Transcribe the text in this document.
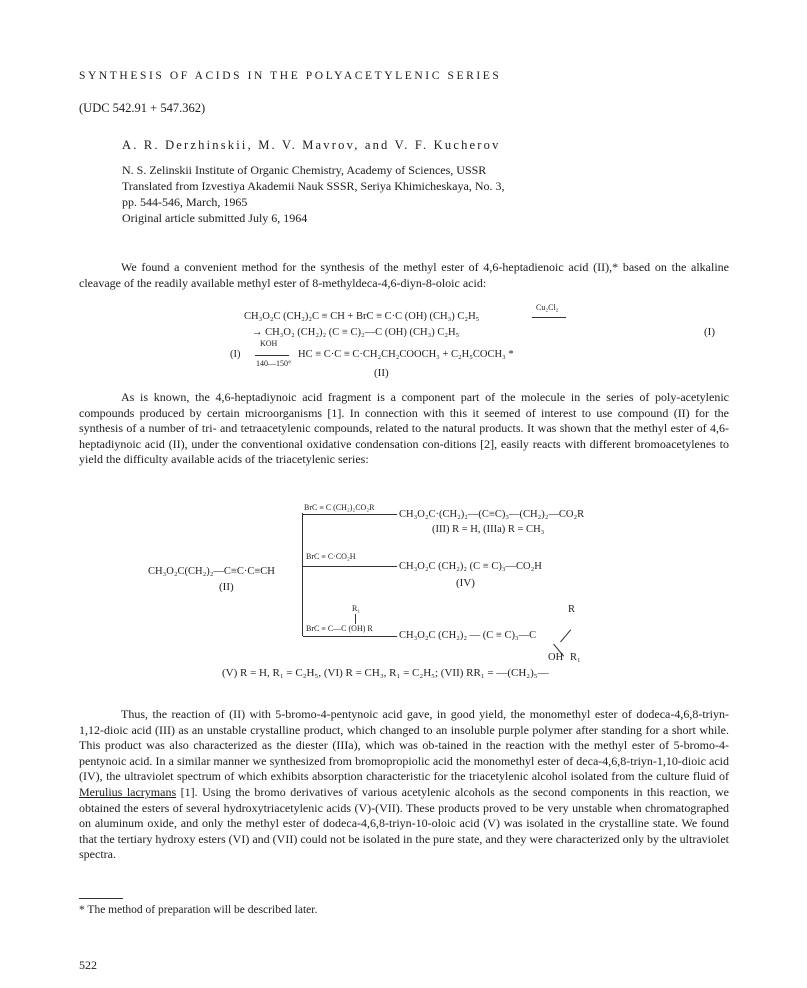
SYNTHESIS OF ACIDS IN THE POLYACETYLENIC SERIES
(UDC 542.91 + 547.362)
A. R. Derzhinskii, M. V. Mavrov, and V. F. Kucherov
N. S. Zelinskii Institute of Organic Chemistry, Academy of Sciences, USSR
Translated from Izvestiya Akademii Nauk SSSR, Seriya Khimicheskaya, No. 3,
pp. 544-546, March, 1965
Original article submitted July 6, 1964
We found a convenient method for the synthesis of the methyl ester of 4,6-heptadienoic acid (II),* based on the alkaline cleavage of the readily available methyl ester of 8-methyldeca-4,6-diyn-8-oloic acid:
CH₃O₂C (CH₂)₂C ≡ CH + BrC ≡ C·C (OH) (CH₃) C₂H₅
Cu₂Cl₂
→ CH₃O₂ (CH₂)₂ (C ≡ C)₂—C (OH) (CH₃) C₂H₅	(I)
KOH
(I)
140—150°
HC ≡ C·C ≡ C·CH₂CH₂COOCH₃ + C₂H₅COCH₃ *
(II)
As is known, the 4,6-heptadiynoic acid fragment is a component part of the molecule in the series of poly-acetylenic compounds produced by certain microorganisms [1]. In connection with this it seemed of interest to use compound (II) for the synthesis of a number of tri- and tetraacetylenic compounds, related to the natural products. It was shown that the methyl ester of 4,6-heptadiynoic acid (II), under the conventional oxidative condensation con-ditions [2], easily reacts with different bromoacetylenes to yield the difficulty available acids of the triacetylenic series:
BrC ≡ C (CH₂)₂CO₂R
CH₃O₂C·(CH₂)₂—(C≡C)₃—(CH₂)₂—CO₂R
(III) R = H, (IIIa) R = CH₃
CH₃O₂C(CH₂)₂—C≡C·C≡CH
(II)
BrC ≡ C·CO₂H
CH₃O₂C (CH₂)₂ (C ≡ C)₃—CO₂H
(IV)
R₁
BrC ≡ C—C (OH) R
CH₃O₂C (CH₂)₂ — (C ≡ C)₃—C
R
OH R₁
(V) R = H, R₁ = C₂H₅, (VI) R = CH₃, R₁ = C₂H₅; (VII) RR₁ = —(CH₂)₅—
Thus, the reaction of (II) with 5-bromo-4-pentynoic acid gave, in good yield, the monomethyl ester of dodeca-4,6,8-triyn-1,12-dioic acid (III) as an unstable crystalline product, which changed to an insoluble purple polymer after standing for a short while. This product was also characterized as the diester (IIIa), which was ob-tained in the reaction with the methyl ester of 5-bromo-4-pentynoic acid. In a similar manner we synthesized from bromopropiolic acid the monomethyl ester of deca-4,6,8-triyn-1,10-dioic acid (IV), the ultraviolet spectrum of which exhibits absorption characteristic for the triacetylenic alcohol isolated from the culture fluid of Merulius lacrymans [1]. Using the bromo derivatives of various acetylenic alcohols as the second components in this reaction, we obtained the esters of several hydroxytriacetylenic acids (V)-(VII). These products proved to be very unstable when chromatographed on aluminum oxide, and only the methyl ester of dodeca-4,6,8-triyn-10-oloic acid (V) was isolated in the crystalline state. We found that the tertiary hydroxy esters (VI) and (VII) could not be isolated in the pure state, and they were characterized only by the ultraviolet spectra.
* The method of preparation will be described later.
522
